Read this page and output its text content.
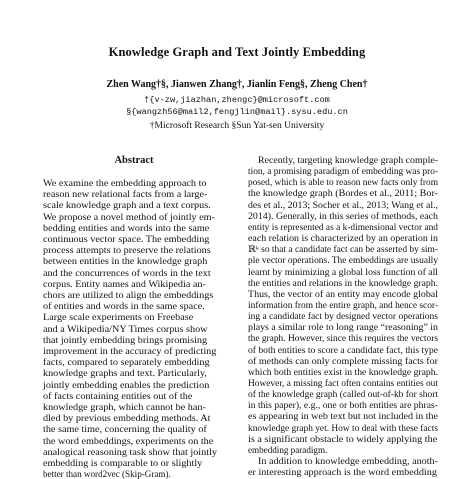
Knowledge Graph and Text Jointly Embedding
Zhen Wang†§, Jianwen Zhang†, Jianlin Feng§, Zheng Chen†
†{v-zw,jiazhan,zhengc}@microsoft.com
§{wangzh56@mail2,fengjlin@mail}.sysu.edu.cn
†Microsoft Research §Sun Yat-sen University
Abstract
We examine the embedding approach to
reason new relational facts from a large-
scale knowledge graph and a text corpus.
We propose a novel method of jointly em-
bedding entities and words into the same
continuous vector space. The embedding
process attempts to preserve the relations
between entities in the knowledge graph
and the concurrences of words in the text
corpus. Entity names and Wikipedia an-
chors are utilized to align the embeddings
of entities and words in the same space.
Large scale experiments on Freebase
and a Wikipedia/NY Times corpus show
that jointly embedding brings promising
improvement in the accuracy of predicting
facts, compared to separately embedding
knowledge graphs and text. Particularly,
jointly embedding enables the prediction
of facts containing entities out of the
knowledge graph, which cannot be han-
dled by previous embedding methods. At
the same time, concerning the quality of
the word embeddings, experiments on the
analogical reasoning task show that jointly
embedding is comparable to or slightly
better than word2vec (Skip-Gram).
Recently, targeting knowledge graph comple-
tion, a promising paradigm of embedding was pro-
posed, which is able to reason new facts only from
the knowledge graph (Bordes et al., 2011; Bor-
des et al., 2013; Socher et al., 2013; Wang et al.,
2014). Generally, in this series of methods, each
entity is represented as a k-dimensional vector and
each relation is characterized by an operation in
ℝᵏ so that a candidate fact can be asserted by sim-
ple vector operations. The embeddings are usually
learnt by minimizing a global loss function of all
the entities and relations in the knowledge graph.
Thus, the vector of an entity may encode global
information from the entire graph, and hence scor-
ing a candidate fact by designed vector operations
plays a similar role to long range “reasoning” in
the graph. However, since this requires the vectors
of both entities to score a candidate fact, this type
of methods can only complete missing facts for
which both entities exist in the knowledge graph.
However, a missing fact often contains entities out
of the knowledge graph (called out-of-kb for short
in this paper), e.g., one or both entities are phras-
es appearing in web text but not included in the
knowledge graph yet. How to deal with these facts
is a significant obstacle to widely applying the
embedding paradigm.
In addition to knowledge embedding, anoth-
er interesting approach is the word embedding
